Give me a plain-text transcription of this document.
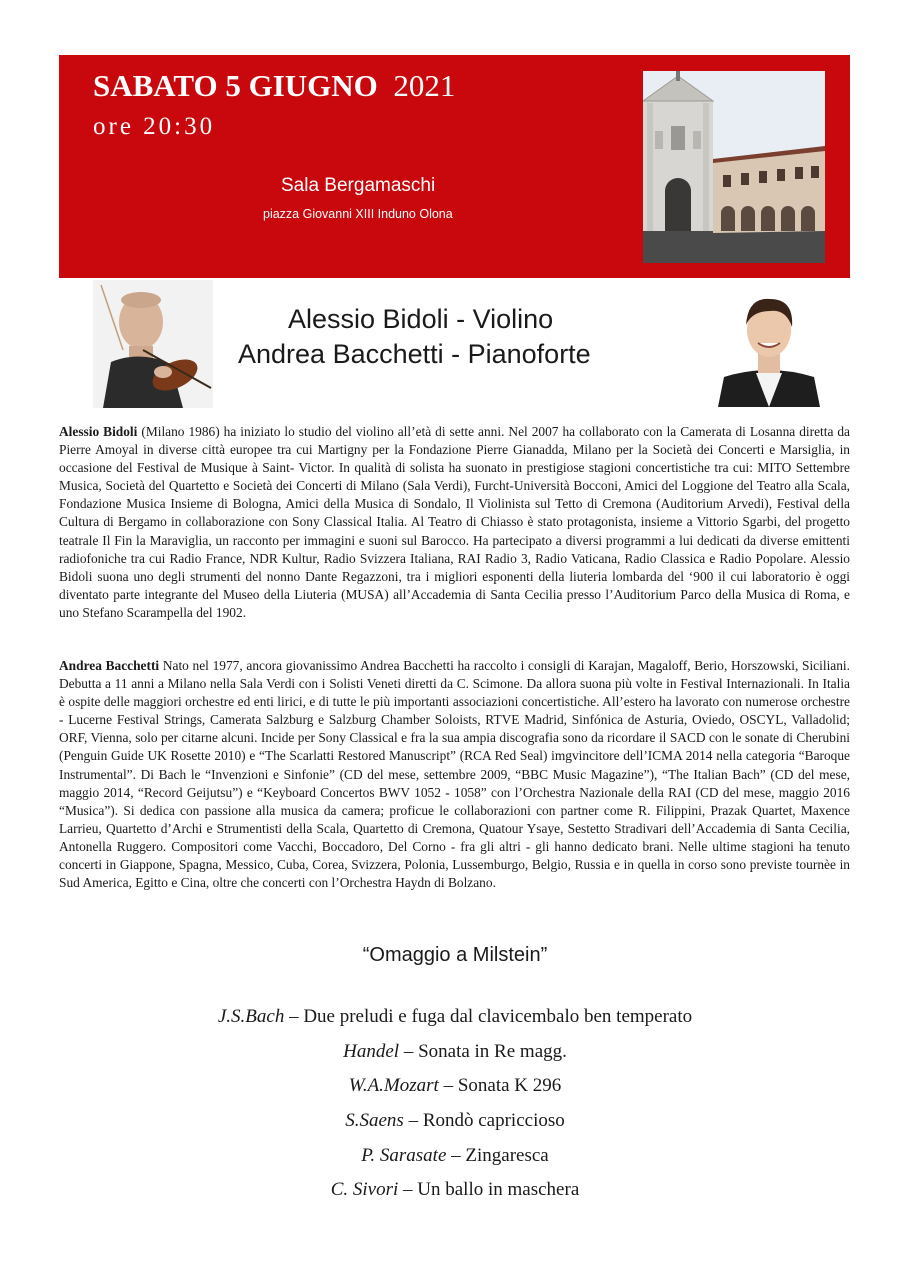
SABATO 5 GIUGNO 2021
ore 20:30
Sala Bergamaschi
piazza Giovanni XIII Induno Olona
Alessio Bidoli - Violino
Andrea Bacchetti - Pianoforte
Alessio Bidoli (Milano 1986) ha iniziato lo studio del violino all’età di sette anni. Nel 2007 ha collaborato con la Camerata di Losanna diretta da Pierre Amoyal in diverse città europee tra cui Martigny per la Fondazione Pierre Gianadda, Milano per la Società dei Concerti e Marsiglia, in occasione del Festival de Musique à Saint- Victor. In qualità di solista ha suonato in prestigiose stagioni concertistiche tra cui: MITO Settembre Musica, Società del Quartetto e Società dei Concerti di Milano (Sala Verdi), Furcht-Università Bocconi, Amici del Loggione del Teatro alla Scala, Fondazione Musica Insieme di Bologna, Amici della Musica di Sondalo, Il Violinista sul Tetto di Cremona (Auditorium Arvedi), Festival della Cultura di Bergamo in collaborazione con Sony Classical Italia. Al Teatro di Chiasso è stato protagonista, insieme a Vittorio Sgarbi, del progetto teatrale Il Fin la Maraviglia, un racconto per immagini e suoni sul Barocco. Ha partecipato a diversi programmi a lui dedicati da diverse emittenti radiofoniche tra cui Radio France, NDR Kultur, Radio Svizzera Italiana, RAI Radio 3, Radio Vaticana, Radio Classica e Radio Popolare. Alessio Bidoli suona uno degli strumenti del nonno Dante Regazzoni, tra i migliori esponenti della liuteria lombarda del ‘900 il cui laboratorio è oggi diventato parte integrante del Museo della Liuteria (MUSA) all’Accademia di Santa Cecilia presso l’Auditorium Parco della Musica di Roma, e uno Stefano Scarampella del 1902.
Andrea Bacchetti Nato nel 1977, ancora giovanissimo Andrea Bacchetti ha raccolto i consigli di Karajan, Magaloff, Berio, Horszowski, Siciliani. Debutta a 11 anni a Milano nella Sala Verdi con i Solisti Veneti diretti da C. Scimone. Da allora suona più volte in Festival Internazionali. In Italia è ospite delle maggiori orchestre ed enti lirici, e di tutte le più importanti associazioni concertistiche. All’estero ha lavorato con numerose orchestre - Lucerne Festival Strings, Camerata Salzburg e Salzburg Chamber Soloists, RTVE Madrid, Sinfónica de Asturia, Oviedo, OSCYL, Valladolid; ORF, Vienna, solo per citarne alcuni. Incide per Sony Classical e fra la sua ampia discografia sono da ricordare il SACD con le sonate di Cherubini (Penguin Guide UK Rosette 2010) e “The Scarlatti Restored Manuscript” (RCA Red Seal) imgvincitore dell’ICMA 2014 nella categoria “Baroque Instrumental”. Di Bach le “Invenzioni e Sinfonie” (CD del mese, settembre 2009, “BBC Music Magazine”), “The Italian Bach” (CD del mese, maggio 2014, “Record Geijutsu”) e “Keyboard Concertos BWV 1052 - 1058” con l’Orchestra Nazionale della RAI (CD del mese, maggio 2016 “Musica”). Si dedica con passione alla musica da camera; proficue le collaborazioni con partner come R. Filippini, Prazak Quartet, Maxence Larrieu, Quartetto d’Archi e Strumentisti della Scala, Quartetto di Cremona, Quatour Ysaye, Sestetto Stradivari dell’Accademia di Santa Cecilia, Antonella Ruggero. Compositori come Vacchi, Boccadoro, Del Corno - fra gli altri - gli hanno dedicato brani. Nelle ultime stagioni ha tenuto concerti in Giappone, Spagna, Messico, Cuba, Corea, Svizzera, Polonia, Lussemburgo, Belgio, Russia e in quella in corso sono previste tournèe in Sud America, Egitto e Cina, oltre che concerti con l’Orchestra Haydn di Bolzano.
“Omaggio a Milstein”
J.S.Bach – Due preludi e fuga dal clavicembalo ben temperato
Handel – Sonata in Re magg.
W.A.Mozart – Sonata K 296
S.Saens – Rondò capriccioso
P. Sarasate – Zingaresca
C. Sivori – Un ballo in maschera
